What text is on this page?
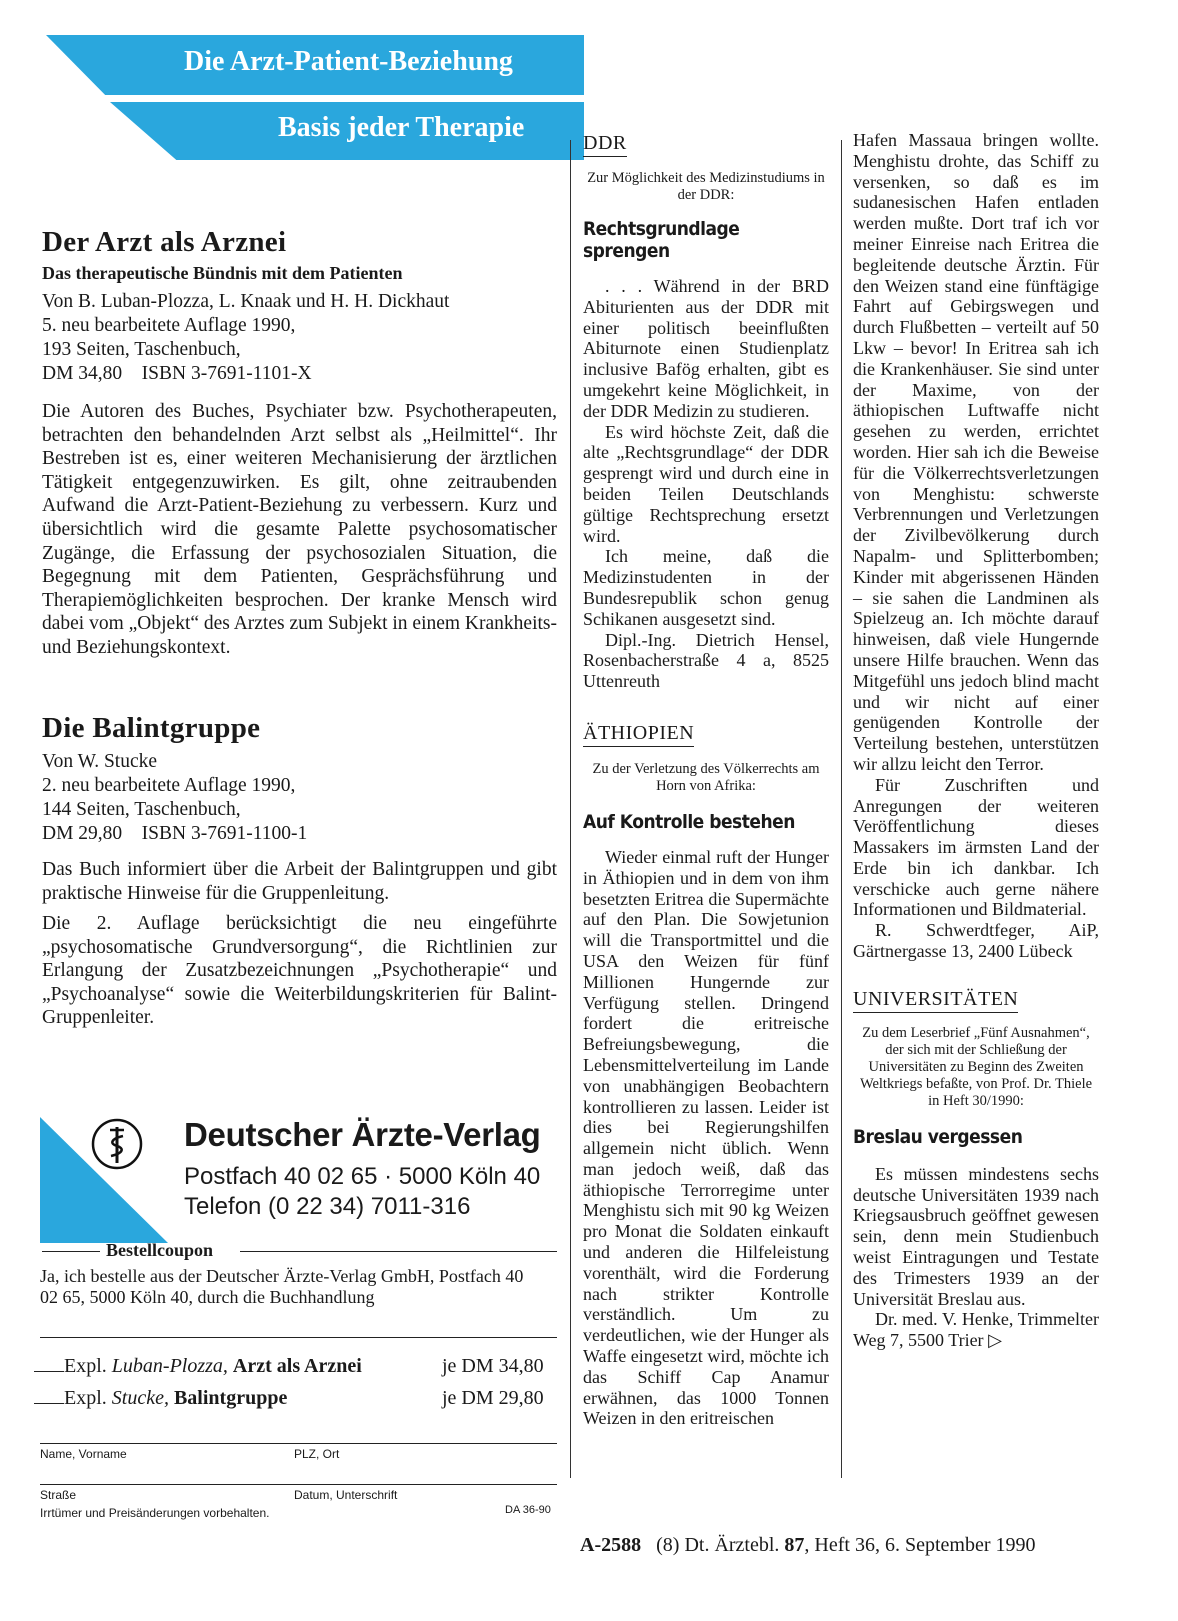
Die Arzt-Patient-Beziehung
Basis jeder Therapie
Der Arzt als Arznei
Das therapeutische Bündnis mit dem Patienten

Von B. Luban-Plozza, L. Knaak und H. H. Dickhaut

5. neu bearbeitete Auflage 1990,

193 Seiten, Taschenbuch,

DM 34,80    ISBN 3-7691-1101-X

Die Autoren des Buches, Psychiater bzw. Psychotherapeuten, betrachten den behandelnden Arzt selbst als „Heilmittel“. Ihr Bestreben ist es, einer weiteren Mechanisierung der ärztlichen Tätigkeit entgegenzuwirken. Es gilt, ohne zeitraubenden Aufwand die Arzt-Patient-Beziehung zu verbessern. Kurz und übersichtlich wird die gesamte Palette psychosomatischer Zugänge, die Erfassung der psychosozialen Situation, die Begegnung mit dem Patienten, Gesprächsführung und Therapiemöglichkeiten besprochen. Der kranke Mensch wird dabei vom „Objekt“ des Arztes zum Subjekt in einem Krankheits- und Beziehungskontext.
Die Balintgruppe

Von W. Stucke

2. neu bearbeitete Auflage 1990,

144 Seiten, Taschenbuch,

DM 29,80    ISBN 3-7691-1100-1

Das Buch informiert über die Arbeit der Balintgruppen und gibt praktische Hinweise für die Gruppenleitung.
Die 2. Auflage berücksichtigt die neu eingeführte „psychosomatische Grundversorgung“, die Richtlinien zur Erlangung der Zusatzbezeichnungen „Psychotherapie“ und „Psychoanalyse“ sowie die Weiterbildungskriterien für Balint-Gruppenleiter.
Deutscher Ärzte-Verlag
Postfach 40 02 65 · 5000 Köln 40
Telefon (0 22 34) 7011-316
Bestellcoupon
Ja, ich bestelle aus der Deutscher Ärzte-Verlag GmbH, Postfach 40 02 65, 5000 Köln 40, durch die Buchhandlung
Expl. Luban-Plozza, Arzt als Arznei	je DM 34,80
Expl. Stucke, Balintgruppe	je DM 29,80
Name, Vorname	PLZ, Ort
Straße	Datum, Unterschrift
Irrtümer und Preisänderungen vorbehalten.	DA 36-90
DDR
Zur Möglichkeit des Medizinstudiums in der DDR:
Rechtsgrundlage sprengen

. . . Während in der BRD Abiturienten aus der DDR mit einer politisch beeinflußten Abiturnote einen Studienplatz inclusive Bafög erhalten, gibt es umgekehrt keine Möglichkeit, in der DDR Medizin zu studieren.

Es wird höchste Zeit, daß die alte „Rechtsgrundlage“ der DDR gesprengt wird und durch eine in beiden Teilen Deutschlands gültige Rechtsprechung ersetzt wird.

Ich meine, daß die Medizinstudenten in der Bundesrepublik schon genug Schikanen ausgesetzt sind.

Dipl.-Ing. Dietrich Hensel, Rosenbacherstraße 4 a, 8525 Uttenreuth

ÄTHIOPIEN
Zu der Verletzung des Völkerrechts am Horn von Afrika:
Auf Kontrolle bestehen

Wieder einmal ruft der Hunger in Äthiopien und in dem von ihm besetzten Eritrea die Supermächte auf den Plan. Die Sowjetunion will die Transportmittel und die USA den Weizen für fünf Millionen Hungernde zur Verfügung stellen. Dringend fordert die eritreische Befreiungsbewegung, die Lebensmittelverteilung im Lande von unabhängigen Beobachtern kontrollieren zu lassen. Leider ist dies bei Regierungshilfen allgemein nicht üblich. Wenn man jedoch weiß, daß das äthiopische Terrorregime unter Menghistu sich mit 90 kg Weizen pro Monat die Soldaten einkauft und anderen die Hilfeleistung vorenthält, wird die Forderung nach strikter Kontrolle verständlich. Um zu verdeutlichen, wie der Hunger als Waffe eingesetzt wird, möchte ich das Schiff Cap Anamur erwähnen, das 1000 Tonnen Weizen in den eritreischen

Hafen Massaua bringen wollte. Menghistu drohte, das Schiff zu versenken, so daß es im sudanesischen Hafen entladen werden mußte. Dort traf ich vor meiner Einreise nach Eritrea die begleitende deutsche Ärztin. Für den Weizen stand eine fünftägige Fahrt auf Gebirgswegen und durch Flußbetten – verteilt auf 50 Lkw – bevor! In Eritrea sah ich die Krankenhäuser. Sie sind unter der Maxime, von der äthiopischen Luftwaffe nicht gesehen zu werden, errichtet worden. Hier sah ich die Beweise für die Völkerrechtsverletzungen von Menghistu: schwerste Verbrennungen und Verletzungen der Zivilbevölkerung durch Napalm- und Splitterbomben; Kinder mit abgerissenen Händen – sie sahen die Landminen als Spielzeug an. Ich möchte darauf hinweisen, daß viele Hungernde unsere Hilfe brauchen. Wenn das Mitgefühl uns jedoch blind macht und wir nicht auf einer genügenden Kontrolle der Verteilung bestehen, unterstützen wir allzu leicht den Terror.

Für Zuschriften und Anregungen der weiteren Veröffentlichung dieses Massakers im ärmsten Land der Erde bin ich dankbar. Ich verschicke auch gerne nähere Informationen und Bildmaterial.

R. Schwerdtfeger, AiP, Gärtnergasse 13, 2400 Lübeck

UNIVERSITÄTEN
Zu dem Leserbrief „Fünf Ausnahmen“, der sich mit der Schließung der Universitäten zu Beginn des Zweiten Weltkriegs befaßte, von Prof. Dr. Thiele in Heft 30/1990:
Breslau vergessen

Es müssen mindestens sechs deutsche Universitäten 1939 nach Kriegsausbruch geöffnet gewesen sein, denn mein Studienbuch weist Eintragungen und Testate des Trimesters 1939 an der Universität Breslau aus.

Dr. med. V. Henke, Trimmelter Weg 7, 5500 Trier ▷

A-2588 (8) Dt. Ärztebl. 87, Heft 36, 6. September 1990
